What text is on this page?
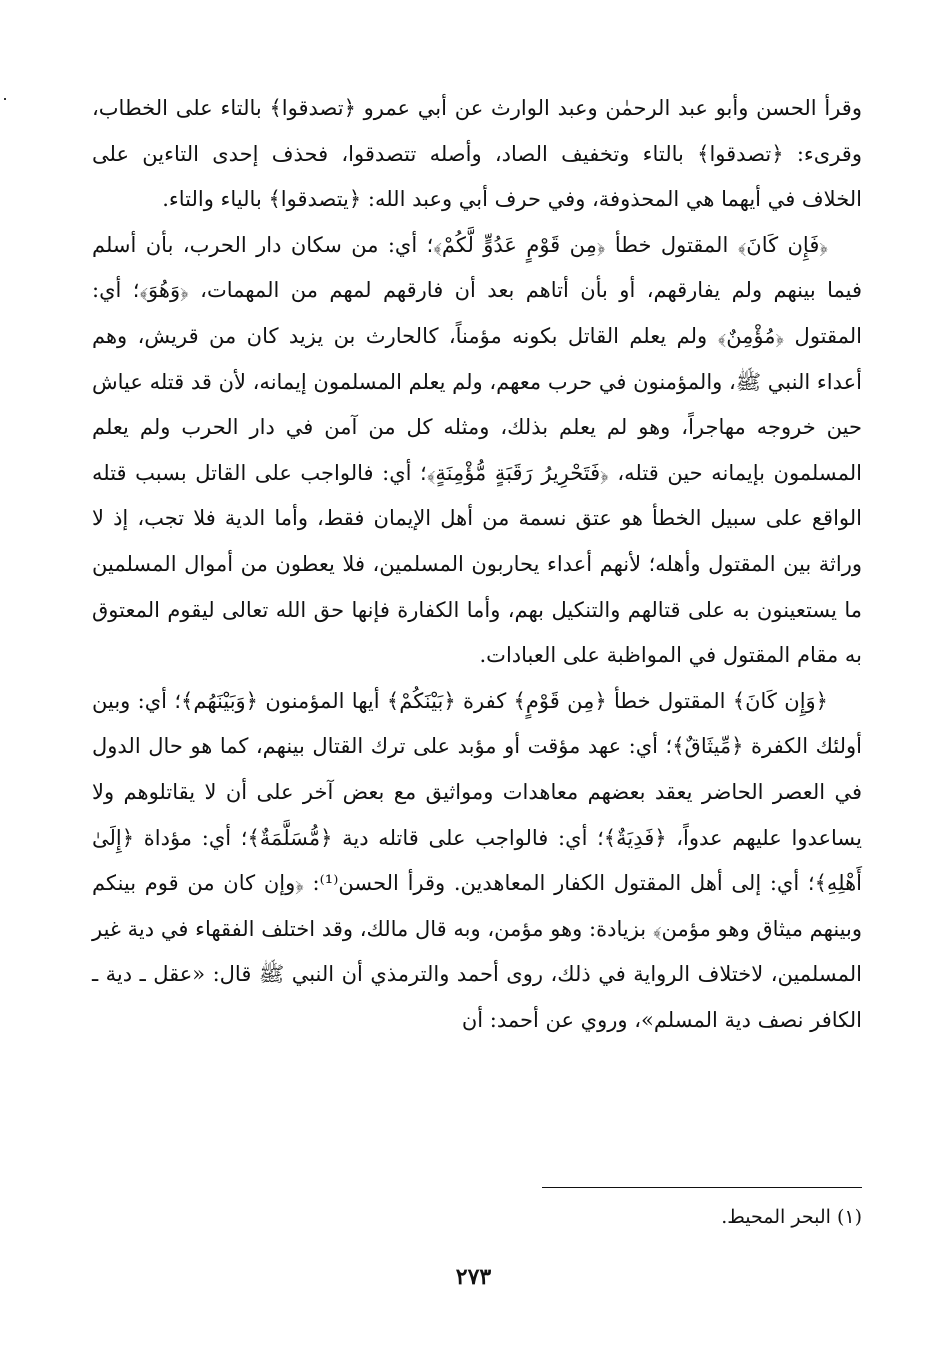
وقرأ الحسن وأبو عبد الرحمٰن وعبد الوارث عن أبي عمرو ﴿تصدقوا﴾ بالتاء على الخطاب، وقرىء: ﴿تصدقوا﴾ بالتاء وتخفيف الصاد، وأصله تتصدقوا، فحذف إحدى التاءين على الخلاف في أيهما هي المحذوفة، وفي حرف أبي وعبد الله: ﴿يتصدقوا﴾ بالياء والتاء.

﴿فَإِن كَانَ﴾ المقتول خطأ ﴿مِن قَوْمٍ عَدُوٍّ لَّكُمْ﴾؛ أي: من سكان دار الحرب، بأن أسلم فيما بينهم ولم يفارقهم، أو بأن أتاهم بعد أن فارقهم لمهم من المهمات، ﴿وَهُوَ﴾؛ أي: المقتول ﴿مُؤْمِنٌ﴾ ولم يعلم القاتل بكونه مؤمناً، كالحارث بن يزيد كان من قريش، وهم أعداء النبي ﷺ، والمؤمنون في حرب معهم، ولم يعلم المسلمون إيمانه، لأن قد قتله عياش حين خروجه مهاجراً، وهو لم يعلم بذلك، ومثله كل من آمن في دار الحرب ولم يعلم المسلمون بإيمانه حين قتله، ﴿فَتَحْرِيرُ رَقَبَةٍ مُّؤْمِنَةٍ﴾؛ أي: فالواجب على القاتل بسبب قتله الواقع على سبيل الخطأ هو عتق نسمة من أهل الإيمان فقط، وأما الدية فلا تجب، إذ لا وراثة بين المقتول وأهله؛ لأنهم أعداء يحاربون المسلمين، فلا يعطون من أموال المسلمين ما يستعينون به على قتالهم والتنكيل بهم، وأما الكفارة فإنها حق الله تعالى ليقوم المعتوق به مقام المقتول في المواظبة على العبادات.

﴿وَإِن كَانَ﴾ المقتول خطأ ﴿مِن قَوْمٍ﴾ كفرة ﴿بَيْنَكُمْ﴾ أيها المؤمنون ﴿وَبَيْنَهُم﴾؛ أي: وبين أولئك الكفرة ﴿مِّيثَاقٌ﴾؛ أي: عهد مؤقت أو مؤبد على ترك القتال بينهم، كما هو حال الدول في العصر الحاضر يعقد بعضهم معاهدات ومواثيق مع بعض آخر على أن لا يقاتلوهم ولا يساعدوا عليهم عدواً، ﴿فَدِيَةٌ﴾؛ أي: فالواجب على قاتله دية ﴿مُّسَلَّمَةٌ﴾؛ أي: مؤداة ﴿إِلَىٰ أَهْلِهِ﴾؛ أي: إلى أهل المقتول الكفار المعاهدين. وقرأ الحسن⁽¹⁾: ﴿وإن كان من قوم بينكم وبينهم ميثاق وهو مؤمن﴾ بزيادة: وهو مؤمن، وبه قال مالك، وقد اختلف الفقهاء في دية غير المسلمين، لاختلاف الرواية في ذلك، روى أحمد والترمذي أن النبي ﷺ قال: «عقل ـ دية ـ الكافر نصف دية المسلم»، وروي عن أحمد: أن

(١) البحر المحيط.
٢٧٣
